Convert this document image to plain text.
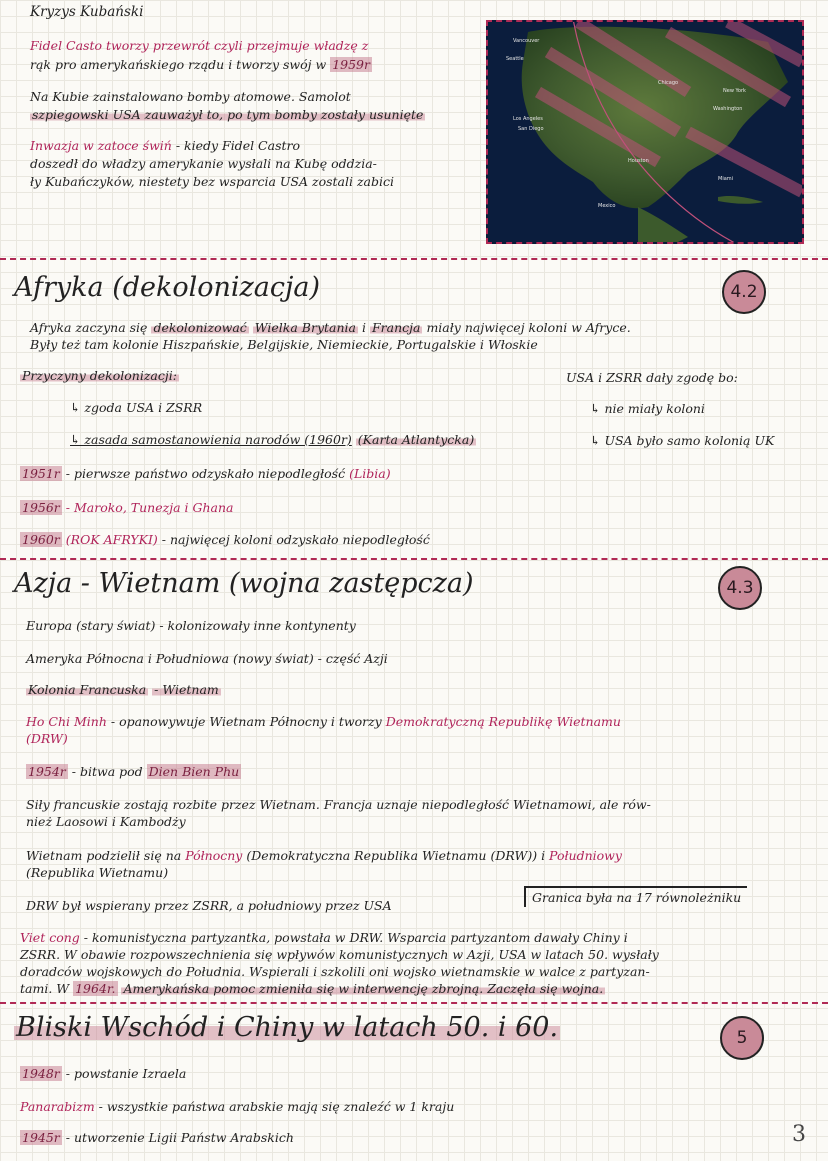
Kryzys Kubański
Fidel Casto tworzy przewrót czyli przejmuje władzę z
rąk pro amerykańskiego rządu i tworzy swój w 1959r
Na Kubie zainstalowano bomby atomowe. Samolot
szpiegowski USA zauważył to, po tym bomby zostały usunięte
Inwazja w zatoce świń - kiedy Fidel Castro
doszedł do władzy amerykanie wysłali na Kubę oddzia-
ły Kubańczyków, niestety bez wsparcia USA zostali zabici
Vancouver
Seattle
Chicago
New York
Washington
Los Angeles
San Diego
Houston
Mexico
Miami
Afryka (dekolonizacja)	4.2
Afryka zaczyna się dekolonizować Wielka Brytania i Francja miały najwięcej koloni w Afryce.
Były też tam kolonie Hiszpańskie, Belgijskie, Niemieckie, Portugalskie i Włoskie
Przyczyny dekolonizacji:
↳ zgoda USA i ZSRR
↳ zasada samostanowienia narodów (1960r) (Karta Atlantycka)
USA i ZSRR dały zgodę bo:
↳ nie miały koloni
↳ USA było samo kolonią UK
1951r - pierwsze państwo odzyskało niepodległość (Libia)
1956r - Maroko, Tunezja i Ghana
1960r (ROK AFRYKI) - najwięcej koloni odzyskało niepodległość
Azja - Wietnam (wojna zastępcza)	4.3
Europa (stary świat) - kolonizowały inne kontynenty
Ameryka Północna i Południowa (nowy świat) - część Azji
Kolonia Francuska - Wietnam
Ho Chi Minh - opanowywuje Wietnam Północny i tworzy Demokratyczną Republikę Wietnamu
(DRW)
1954r - bitwa pod Dien Bien Phu
Siły francuskie zostają rozbite przez Wietnam. Francja uznaje niepodległość Wietnamowi, ale rów-
nież Laosowi i Kambodży
Wietnam podzielił się na Północny (Demokratyczna Republika Wietnamu (DRW)) i Południowy
(Republika Wietnamu)
DRW był wspierany przez ZSRR, a południowy przez USA
Granica była na 17 równoleżniku
Viet cong - komunistyczna partyzantka, powstała w DRW. Wsparcia partyzantom dawały Chiny i
ZSRR. W obawie rozpowszechnienia się wpływów komunistycznych w Azji, USA w latach 50. wysłały
doradców wojskowych do Południa. Wspierali i szkolili oni wojsko wietnamskie w walce z partyzan-
tami. W 1964r. Amerykańska pomoc zmieniła się w interwencję zbrojną. Zaczęła się wojna.
Bliski Wschód i Chiny w latach 50. i 60.	5
1948r - powstanie Izraela
Panarabizm - wszystkie państwa arabskie mają się znaleźć w 1 kraju
1945r - utworzenie Ligii Państw Arabskich	3
